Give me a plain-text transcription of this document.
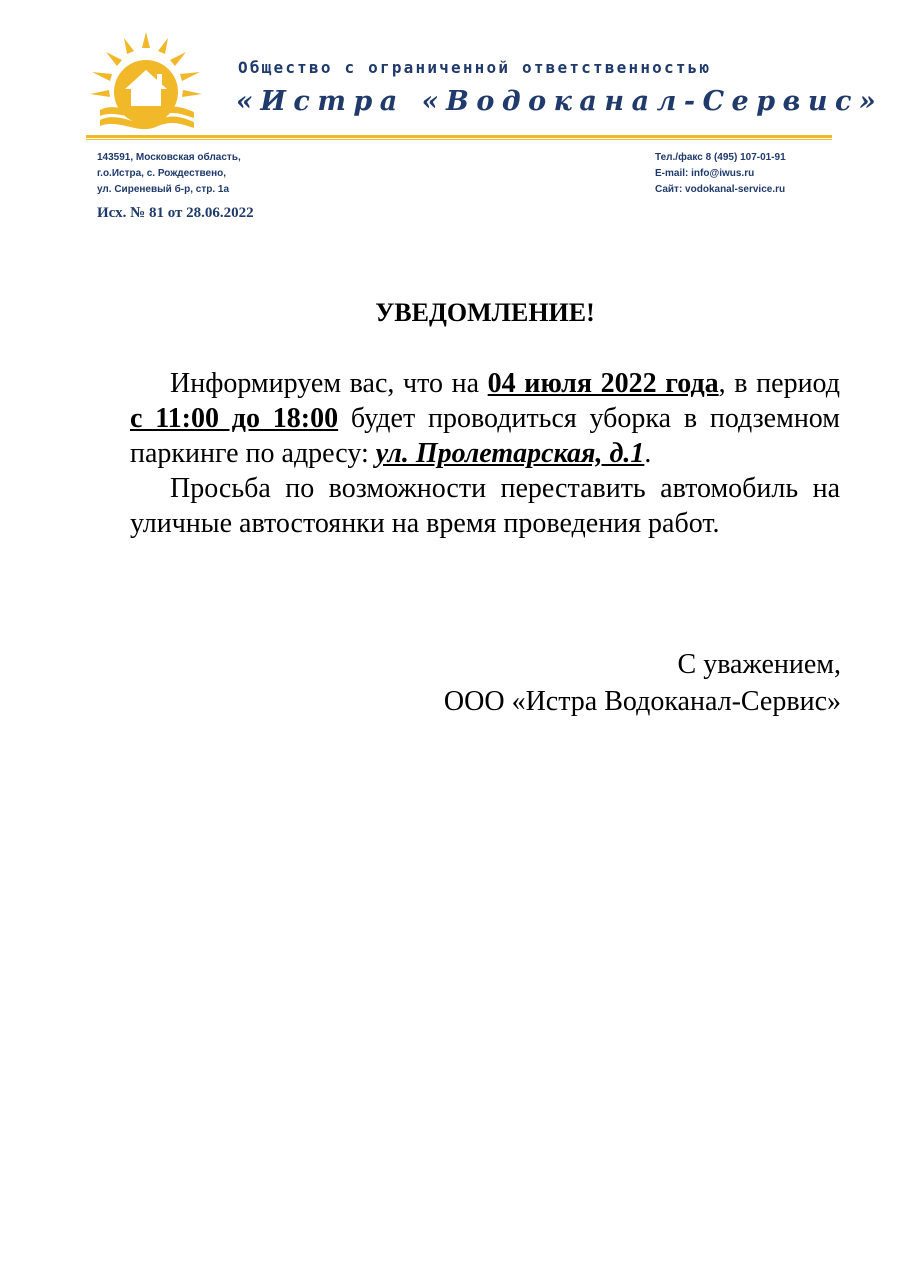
Общество с ограниченной ответственностью
«Истра «Водоканал-Сервис»
143591, Московская область,
г.о.Истра, с. Рождествено,
ул. Сиреневый б-р, стр. 1а
Тел./факс 8 (495) 107-01-91
E-mail: info@iwus.ru
Сайт: vodokanal-service.ru
Исх. № 81 от 28.06.2022
УВЕДОМЛЕНИЕ!

Информируем вас, что на 04 июля 2022 года, в период с 11:00 до 18:00 будет проводиться уборка в подземном паркинге по адресу: ул. Пролетарская, д.1.

Просьба по возможности переставить автомобиль на уличные автостоянки на время проведения работ.

С уважением,
ООО «Истра Водоканал-Сервис»
